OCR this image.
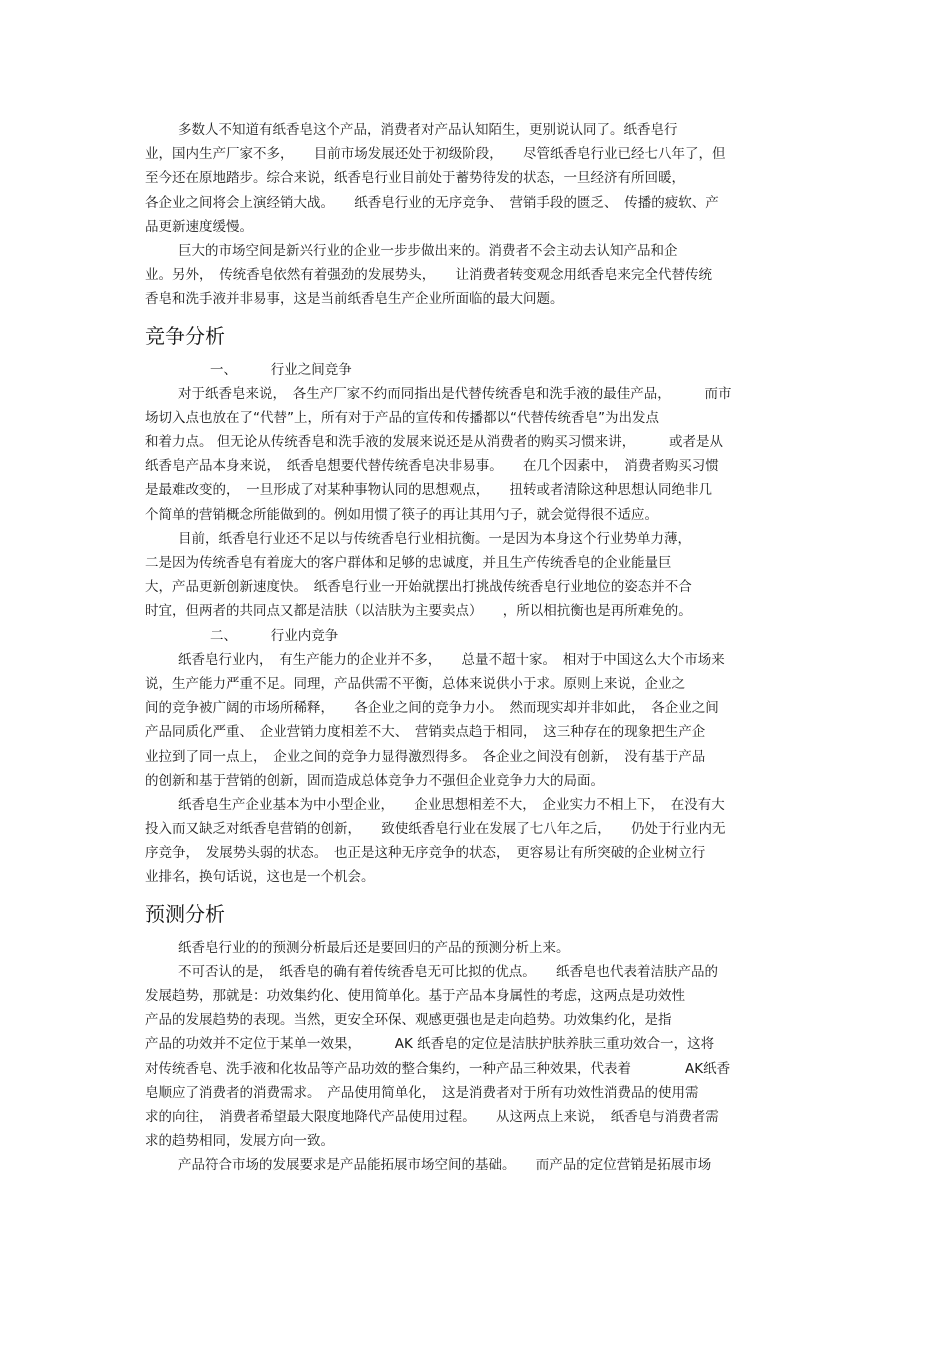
多数人不知道有纸香皂这个产品，消费者对产品认知陌生，更别说认同了。纸香皂行
业，国内生产厂家不多，　　目前市场发展还处于初级阶段，　　尽管纸香皂行业已经七八年了，但
至今还在原地踏步。综合来说，纸香皂行业目前处于蓄势待发的状态，一旦经济有所回暖，
各企业之间将会上演经销大战。　　纸香皂行业的无序竞争、　营销手段的匮乏、　传播的疲软、产
品更新速度缓慢。
巨大的市场空间是新兴行业的企业一步步做出来的。消费者不会主动去认知产品和企
业。另外，　传统香皂依然有着强劲的发展势头，　　让消费者转变观念用纸香皂来完全代替传统
香皂和洗手液并非易事，这是当前纸香皂生产企业所面临的最大问题。
竞争分析
一、　　　行业之间竞争
对于纸香皂来说，　各生产厂家不约而同指出是代替传统香皂和洗手液的最佳产品，　　　而市
场切入点也放在了“代替”上，所有对于产品的宣传和传播都以“代替传统香皂”为出发点
和着力点。 但无论从传统香皂和洗手液的发展来说还是从消费者的购买习惯来讲，　　　或者是从
纸香皂产品本身来说，　纸香皂想要代替传统香皂决非易事。　　在几个因素中，　消费者购买习惯
是最难改变的，　一旦形成了对某种事物认同的思想观点，　　扭转或者清除这种思想认同绝非几
个简单的营销概念所能做到的。例如用惯了筷子的再让其用勺子，就会觉得很不适应。
目前，纸香皂行业还不足以与传统香皂行业相抗衡。一是因为本身这个行业势单力薄，
二是因为传统香皂有着庞大的客户群体和足够的忠诚度，并且生产传统香皂的企业能量巨
大，产品更新创新速度快。　纸香皂行业一开始就摆出打挑战传统香皂行业地位的姿态并不合
时宜，但两者的共同点又都是洁肤（以洁肤为主要卖点）　　，所以相抗衡也是再所难免的。
二、　　　行业内竞争
纸香皂行业内，　有生产能力的企业并不多，　　总量不超十家。　相对于中国这么大个市场来
说，生产能力严重不足。同理，产品供需不平衡，总体来说供小于求。原则上来说，企业之
间的竞争被广阔的市场所稀释，　　各企业之间的竞争力小。　然而现实却并非如此，　各企业之间
产品同质化严重、　企业营销力度相差不大、　营销卖点趋于相同，　这三种存在的现象把生产企
业拉到了同一点上，　企业之间的竞争力显得激烈得多。　各企业之间没有创新，　没有基于产品
的创新和基于营销的创新，固而造成总体竞争力不强但企业竞争力大的局面。
纸香皂生产企业基本为中小型企业，　　企业思想相差不大，　企业实力不相上下，　在没有大
投入而又缺乏对纸香皂营销的创新，　　致使纸香皂行业在发展了七八年之后，　　仍处于行业内无
序竞争，　发展势头弱的状态。　也正是这种无序竞争的状态，　更容易让有所突破的企业树立行
业排名，换句话说，这也是一个机会。
预测分析
纸香皂行业的的预测分析最后还是要回归的产品的预测分析上来。
不可否认的是，　纸香皂的确有着传统香皂无可比拟的优点。　　纸香皂也代表着洁肤产品的
发展趋势，那就是：功效集约化、使用简单化。基于产品本身属性的考虑，这两点是功效性
产品的发展趋势的表现。当然，更安全环保、观感更强也是走向趋势。功效集约化，是指
产品的功效并不定位于某单一效果，　　　AK 纸香皂的定位是洁肤护肤养肤三重功效合一，这将
对传统香皂、洗手液和化妆品等产品功效的整合集约，一种产品三种效果，代表着　　　　AK纸香
皂顺应了消费者的消费需求。　产品使用简单化，　这是消费者对于所有功效性消费品的使用需
求的向往，　消费者希望最大限度地降代产品使用过程。　　从这两点上来说，　纸香皂与消费者需
求的趋势相同，发展方向一致。
产品符合市场的发展要求是产品能拓展市场空间的基础。　　而产品的定位营销是拓展市场
